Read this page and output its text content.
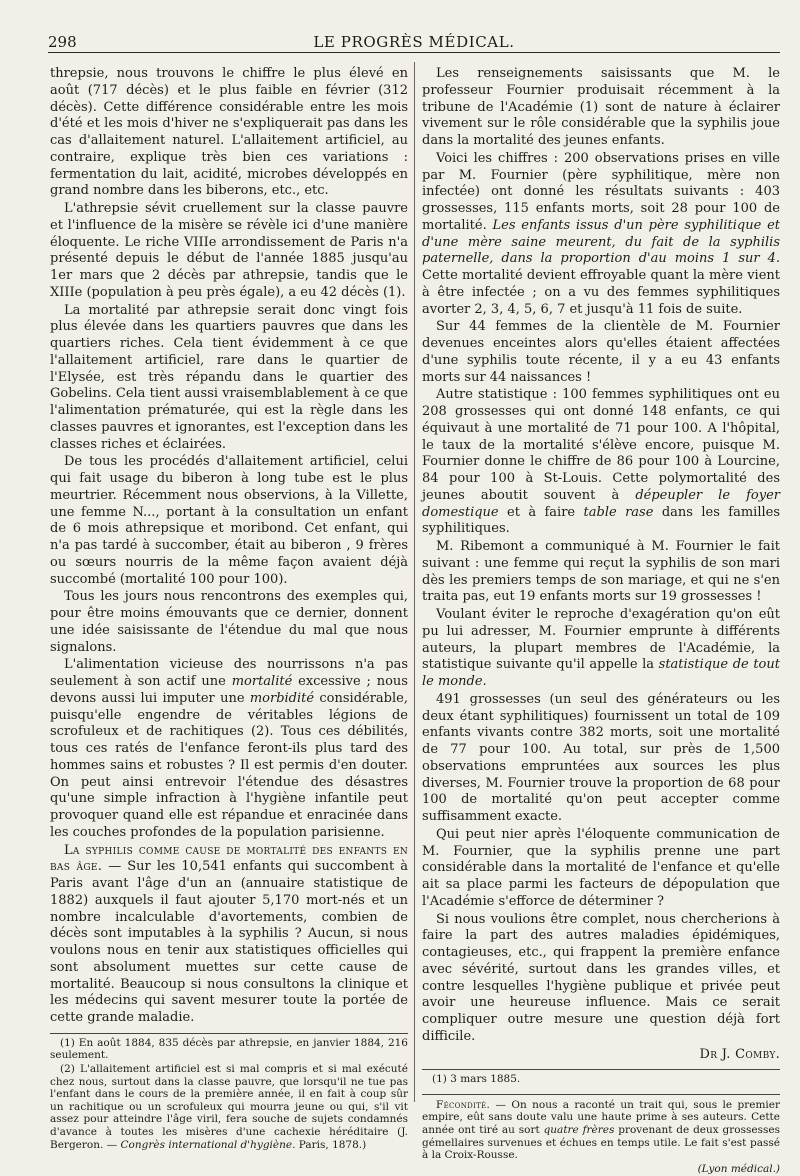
298	LE PROGRÈS MÉDICAL.

threpsie, nous trouvons le chiffre le plus élevé en août (717 décès) et le plus faible en février (312 décès). Cette différence considérable entre les mois d'été et les mois d'hiver ne s'expliquerait pas dans les cas d'allaitement naturel. L'allaitement artificiel, au contraire, explique très bien ces variations : fermentation du lait, acidité, microbes développés en grand nombre dans les biberons, etc., etc.

L'athrepsie sévit cruellement sur la classe pauvre et l'influence de la misère se révèle ici d'une manière éloquente. Le riche VIIIe arrondissement de Paris n'a présenté depuis le début de l'année 1885 jusqu'au 1er mars que 2 décès par athrepsie, tandis que le XIIIe (population à peu près égale), a eu 42 décès (1).

La mortalité par athrepsie serait donc vingt fois plus élevée dans les quartiers pauvres que dans les quartiers riches. Cela tient évidemment à ce que l'allaitement artificiel, rare dans le quartier de l'Elysée, est très répandu dans le quartier des Gobelins. Cela tient aussi vraisemblablement à ce que l'alimentation prématurée, qui est la règle dans les classes pauvres et ignorantes, est l'exception dans les classes riches et éclairées.

De tous les procédés d'allaitement artificiel, celui qui fait usage du biberon à long tube est le plus meurtrier. Récemment nous observions, à la Villette, une femme N..., portant à la consultation un enfant de 6 mois athrepsique et moribond. Cet enfant, qui n'a pas tardé à succomber, était au biberon , 9 frères ou sœurs nourris de la même façon avaient déjà succombé (mortalité 100 pour 100).

Tous les jours nous rencontrons des exemples qui, pour être moins émouvants que ce dernier, donnent une idée saisissante de l'étendue du mal que nous signalons.

L'alimentation vicieuse des nourrissons n'a pas seulement à son actif une mortalité excessive ; nous devons aussi lui imputer une morbidité considérable, puisqu'elle engendre de véritables légions de scrofuleux et de rachitiques (2). Tous ces débilités, tous ces ratés de l'enfance feront-ils plus tard des hommes sains et robustes ? Il est permis d'en douter. On peut ainsi entrevoir l'étendue des désastres qu'une simple infraction à l'hygiène infantile peut provoquer quand elle est répandue et enracinée dans les couches profondes de la population parisienne.

La syphilis comme cause de mortalité des enfants en bas âge. — Sur les 10,541 enfants qui succombent à Paris avant l'âge d'un an (annuaire statistique de 1882) auxquels il faut ajouter 5,170 mort-nés et un nombre incalculable d'avortements, combien de décès sont imputables à la syphilis ? Aucun, si nous voulons nous en tenir aux statistiques officielles qui sont absolument muettes sur cette cause de mortalité. Beaucoup si nous consultons la clinique et les médecins qui savent mesurer toute la portée de cette grande maladie.

(1) En août 1884, 835 décès par athrepsie, en janvier 1884, 216 seulement.

(2) L'allaitement artificiel est si mal compris et si mal exécuté chez nous, surtout dans la classe pauvre, que lorsqu'il ne tue pas l'enfant dans le cours de la première année, il en fait à coup sûr un rachitique ou un scrofuleux qui mourra jeune ou qui, s'il vit assez pour atteindre l'âge viril, fera souche de sujets condamnés d'avance à toutes les misères d'une cachexie héréditaire (J. Bergeron. — Congrès international d'hygiène. Paris, 1878.)

Les renseignements saisissants que M. le professeur Fournier produisait récemment à la tribune de l'Académie (1) sont de nature à éclairer vivement sur le rôle considérable que la syphilis joue dans la mortalité des jeunes enfants.

Voici les chiffres : 200 observations prises en ville par M. Fournier (père syphilitique, mère non infectée) ont donné les résultats suivants : 403 grossesses, 115 enfants morts, soit 28 pour 100 de mortalité. Les enfants issus d'un père syphilitique et d'une mère saine meurent, du fait de la syphilis paternelle, dans la proportion d'au moins 1 sur 4. Cette mortalité devient effroyable quant la mère vient à être infectée ; on a vu des femmes syphilitiques avorter 2, 3, 4, 5, 6, 7 et jusqu'à 11 fois de suite.

Sur 44 femmes de la clientèle de M. Fournier devenues enceintes alors qu'elles étaient affectées d'une syphilis toute récente, il y a eu 43 enfants morts sur 44 naissances !

Autre statistique : 100 femmes syphilitiques ont eu 208 grossesses qui ont donné 148 enfants, ce qui équivaut à une mortalité de 71 pour 100. A l'hôpital, le taux de la mortalité s'élève encore, puisque M. Fournier donne le chiffre de 86 pour 100 à Lourcine, 84 pour 100 à St-Louis. Cette polymortalité des jeunes aboutit souvent à dépeupler le foyer domestique et à faire table rase dans les familles syphilitiques.

M. Ribemont a communiqué à M. Fournier le fait suivant : une femme qui reçut la syphilis de son mari dès les premiers temps de son mariage, et qui ne s'en traita pas, eut 19 enfants morts sur 19 grossesses !

Voulant éviter le reproche d'exagération qu'on eût pu lui adresser, M. Fournier emprunte à différents auteurs, la plupart membres de l'Académie, la statistique suivante qu'il appelle la statistique de tout le monde.

491 grossesses (un seul des générateurs ou les deux étant syphilitiques) fournissent un total de 109 enfants vivants contre 382 morts, soit une mortalité de 77 pour 100. Au total, sur près de 1,500 observations empruntées aux sources les plus diverses, M. Fournier trouve la proportion de 68 pour 100 de mortalité qu'on peut accepter comme suffisamment exacte.

Qui peut nier après l'éloquente communication de M. Fournier, que la syphilis prenne une part considérable dans la mortalité de l'enfance et qu'elle ait sa place parmi les facteurs de dépopulation que l'Académie s'efforce de déterminer ?

Si nous voulions être complet, nous chercherions à faire la part des autres maladies épidémiques, contagieuses, etc., qui frappent la première enfance avec sévérité, surtout dans les grandes villes, et contre lesquelles l'hygiène publique et privée peut avoir une heureuse influence. Mais ce serait compliquer outre mesure une question déjà fort difficile.

Dr J. Comby.

(1) 3 mars 1885.

Fécondité. — On nous a raconté un trait qui, sous le premier empire, eût sans doute valu une haute prime à ses auteurs. Cette année ont tiré au sort quatre frères provenant de deux grossesses gémellaires survenues et échues en temps utile. Le fait s'est passé à la Croix-Rousse.

(Lyon médical.)
